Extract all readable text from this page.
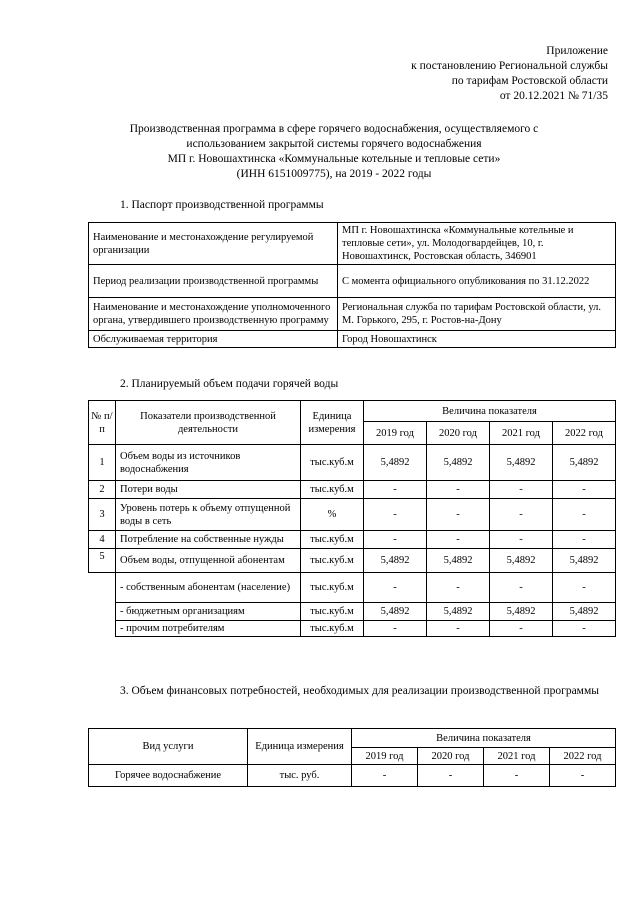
Приложение
к постановлению Региональной службы
по тарифам Ростовской области
от 20.12.2021 № 71/35
Производственная программа в сфере горячего водоснабжения, осуществляемого с
использованием закрытой системы горячего водоснабжения
МП г. Новошахтинска «Коммунальные котельные и тепловые сети»
(ИНН 6151009775), на 2019 - 2022 годы
1. Паспорт производственной программы
Наименование и местонахождение регулируемой организации	МП г. Новошахтинска «Коммунальные котельные и тепловые сети», ул. Молодогвардейцев, 10, г. Новошахтинск, Ростовская область, 346901
Период реализации производственной программы	С момента официального опубликования по 31.12.2022
Наименование и местонахождение уполномоченного органа, утвердившего производственную программу	Региональная служба по тарифам Ростовской области, ул. М. Горького, 295, г. Ростов-на-Дону
Обслуживаемая территория	Город Новошахтинск
2. Планируемый объем подачи горячей воды
№ п/п	Показатели производственной деятельности	Единица измерения	Величина показателя			
			2019 год	2020 год	2021 год	2022 год
1	Объем воды из источников водоснабжения	тыс.куб.м	5,4892	5,4892	5,4892	5,4892
2	Потери воды	тыс.куб.м	-	-	-	-
3	Уровень потерь к объему отпущенной воды в сеть	%	-	-	-	-
4	Потребление на собственные нужды	тыс.куб.м	-	-	-	-
5	Объем воды, отпущенной абонентам	тыс.куб.м	5,4892	5,4892	5,4892	5,4892
	- собственным абонентам (население)	тыс.куб.м	-	-	-	-
	- бюджетным организациям	тыс.куб.м	5,4892	5,4892	5,4892	5,4892
	- прочим потребителям	тыс.куб.м	-	-	-	-
3. Объем финансовых потребностей, необходимых для реализации производственной программы
Вид услуги	Единица измерения	Величина показателя			
		2019 год	2020 год	2021 год	2022 год
Горячее водоснабжение	тыс. руб.	-	-	-	-
